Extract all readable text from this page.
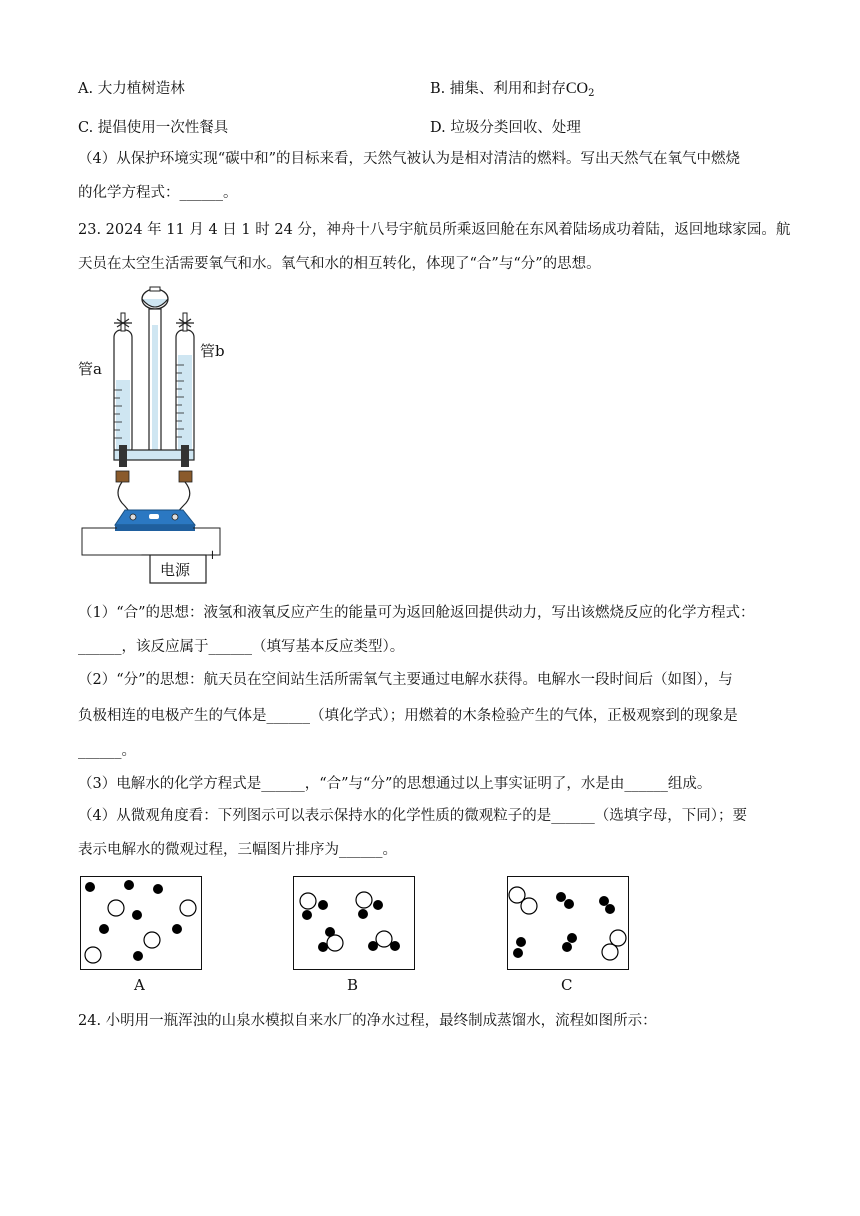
A. 大力植树造林	B. 捕集、利用和封存$CO_2$
C. 提倡使用一次性餐具	D. 垃圾分类回收、处理
（4）从保护环境实现“碳中和”的目标来看，天然气被认为是相对清洁的燃料。写出天然气在氧气中燃烧
的化学方程式：______。
23. 2024 年 11 月 4 日 1 时 24 分，神舟十八号宇航员所乘返回舱在东风着陆场成功着陆，返回地球家园。航
天员在太空生活需要氧气和水。氧气和水的相互转化，体现了“合”与“分”的思想。
管a
管b
−	+
电源
（1）“合”的思想：液氢和液氧反应产生的能量可为返回舱返回提供动力，写出该燃烧反应的化学方程式：
______，该反应属于______（填写基本反应类型）。
（2）“分”的思想：航天员在空间站生活所需氧气主要通过电解水获得。电解水一段时间后（如图），与
负极相连的电极产生的气体是______（填化学式）；用燃着的木条检验产生的气体，正极观察到的现象是
______。
（3）电解水的化学方程式是______，“合”与“分”的思想通过以上事实证明了，水是由______组成。
（4）从微观角度看：下列图示可以表示保持水的化学性质的微观粒子的是______（选填字母，下同）；要
表示电解水的微观过程，三幅图片排序为______。
A	B	C
24. 小明用一瓶浑浊的山泉水模拟自来水厂的净水过程，最终制成蒸馏水，流程如图所示：
